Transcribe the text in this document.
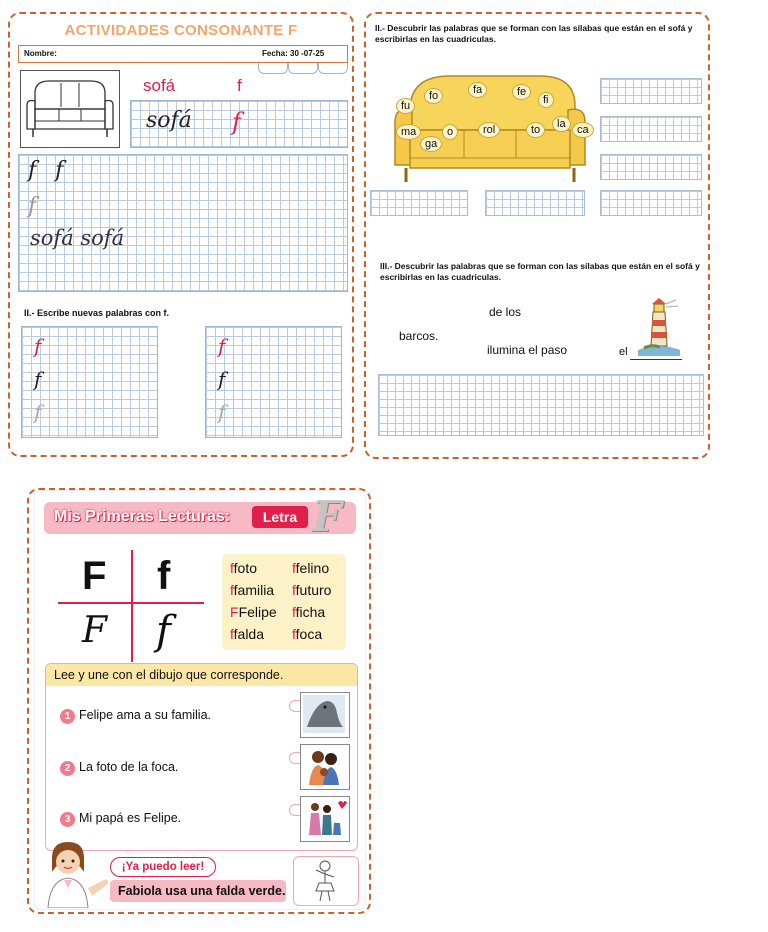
ACTIVIDADES CONSONANTE F
Nombre:	Fecha: 30 -07-25
sofá	f
sofá f
f f
f
sofá sofá
II.- Escribe nuevas palabras con f.
f
f
f
f
f
f
II.- Descubrir las palabras que se forman con las sílabas que están en el sofá y escribirlas en las cuadriculas.
fu
fo	fa	fe
fi
ma	o	rol	to	la	ca
ga
III.- Descubrir las palabras que se forman con las sílabas que están en el sofá y escribirlas en las cuadriculas.
de los
barcos.
ilumina el paso	el
Mis Primeras Lecturas:	Letra F
F f
F f
ffoto
ffamilia
FFelipe
ffalda
ffelino
ffuturo
fficha
ffoca
Lee y une con el dibujo que corresponde.
1 Felipe ama a su familia.
2 La foto de la foca.
3 Mi papá es Felipe.
¡Ya puedo leer!
Fabiola usa una falda verde.
